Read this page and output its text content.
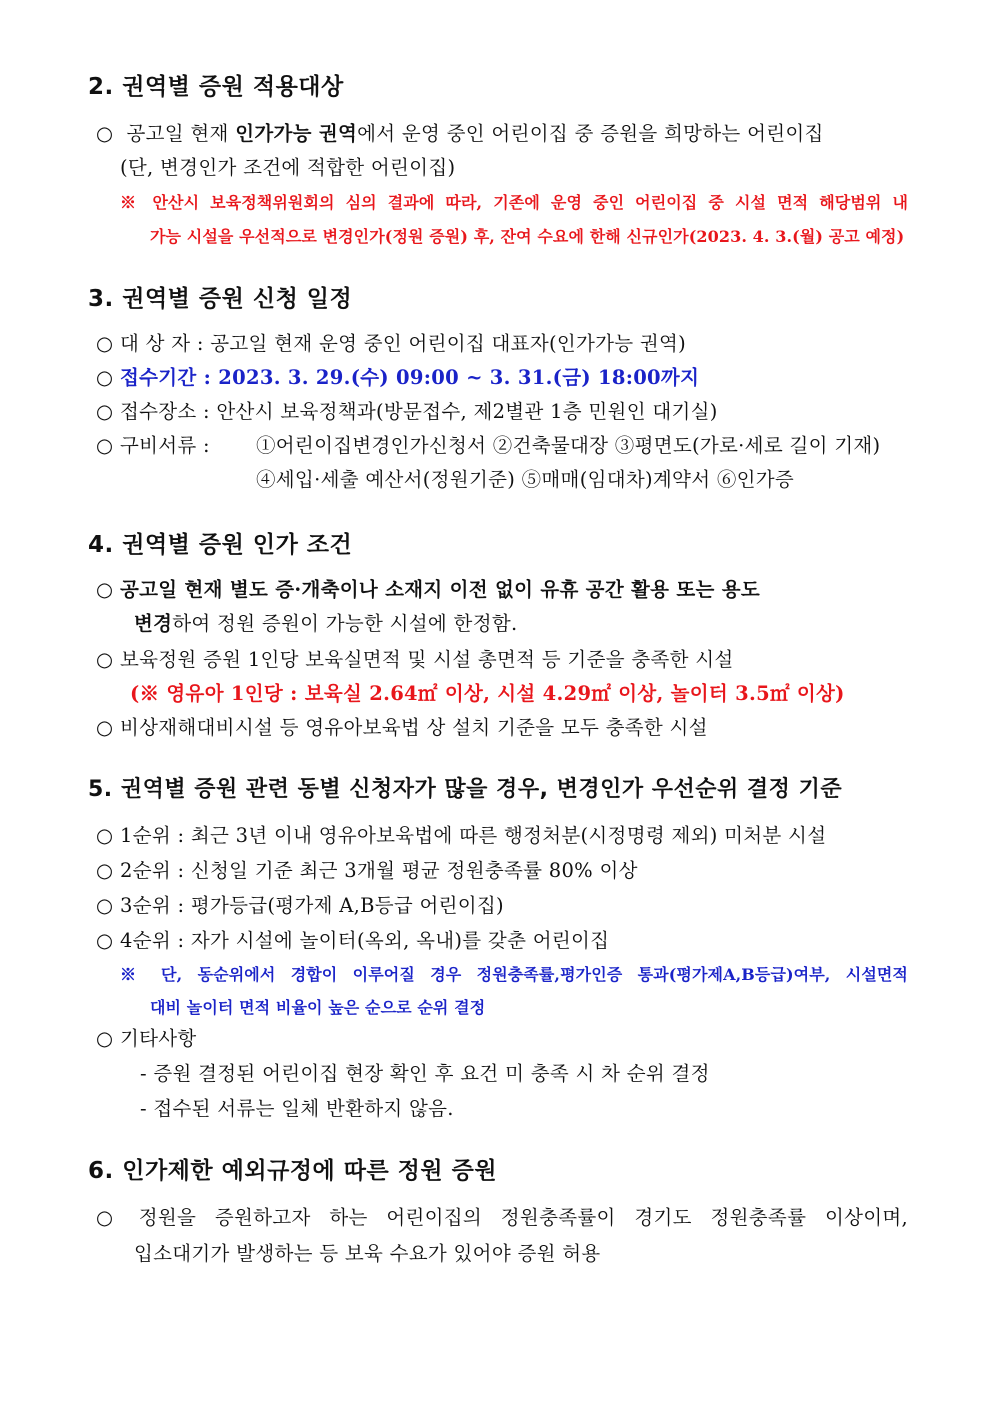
2. 권역별 증원 적용대상
○ 공고일 현재 인가가능 권역에서 운영 중인 어린이집 중 증원을 희망하는 어린이집
(단, 변경인가 조건에 적합한 어린이집)
※ 안산시 보육정책위원회의 심의 결과에 따라, 기존에 운영 중인 어린이집 중 시설 면적 해당범위 내
가능 시설을 우선적으로 변경인가(정원 증원) 후, 잔여 수요에 한해 신규인가(2023. 4. 3.(월) 공고 예정)
3. 권역별 증원 신청 일정
○ 대 상 자 : 공고일 현재 운영 중인 어린이집 대표자(인가가능 권역)
○ 접수기간 : 2023. 3. 29.(수) 09:00 ~ 3. 31.(금) 18:00까지
○ 접수장소 : 안산시 보육정책과(방문접수, 제2별관 1층 민원인 대기실)
○ 구비서류 : ①어린이집변경인가신청서 ②건축물대장 ③평면도(가로·세로 길이 기재)
④세입·세출 예산서(정원기준) ⑤매매(임대차)계약서 ⑥인가증
4. 권역별 증원 인가 조건
○ 공고일 현재 별도 증·개축이나 소재지 이전 없이 유휴 공간 활용 또는 용도
변경하여 정원 증원이 가능한 시설에 한정함.
○ 보육정원 증원 1인당 보육실면적 및 시설 총면적 등 기준을 충족한 시설
(※ 영유아 1인당 : 보육실 2.64㎡ 이상, 시설 4.29㎡ 이상, 놀이터 3.5㎡ 이상)
○ 비상재해대비시설 등 영유아보육법 상 설치 기준을 모두 충족한 시설
5. 권역별 증원 관련 동별 신청자가 많을 경우, 변경인가 우선순위 결정 기준
○ 1순위 : 최근 3년 이내 영유아보육법에 따른 행정처분(시정명령 제외) 미처분 시설
○ 2순위 : 신청일 기준 최근 3개월 평균 정원충족률 80% 이상
○ 3순위 : 평가등급(평가제 A,B등급 어린이집)
○ 4순위 : 자가 시설에 놀이터(옥외, 옥내)를 갖춘 어린이집
※ 단, 동순위에서 경합이 이루어질 경우 정원충족률,평가인증 통과(평가제A,B등급)여부, 시설면적
대비 놀이터 면적 비율이 높은 순으로 순위 결정
○ 기타사항
- 증원 결정된 어린이집 현장 확인 후 요건 미 충족 시 차 순위 결정
- 접수된 서류는 일체 반환하지 않음.
6. 인가제한 예외규정에 따른 정원 증원
○ 정원을 증원하고자 하는 어린이집의 정원충족률이 경기도 정원충족률 이상이며,
입소대기가 발생하는 등 보육 수요가 있어야 증원 허용
